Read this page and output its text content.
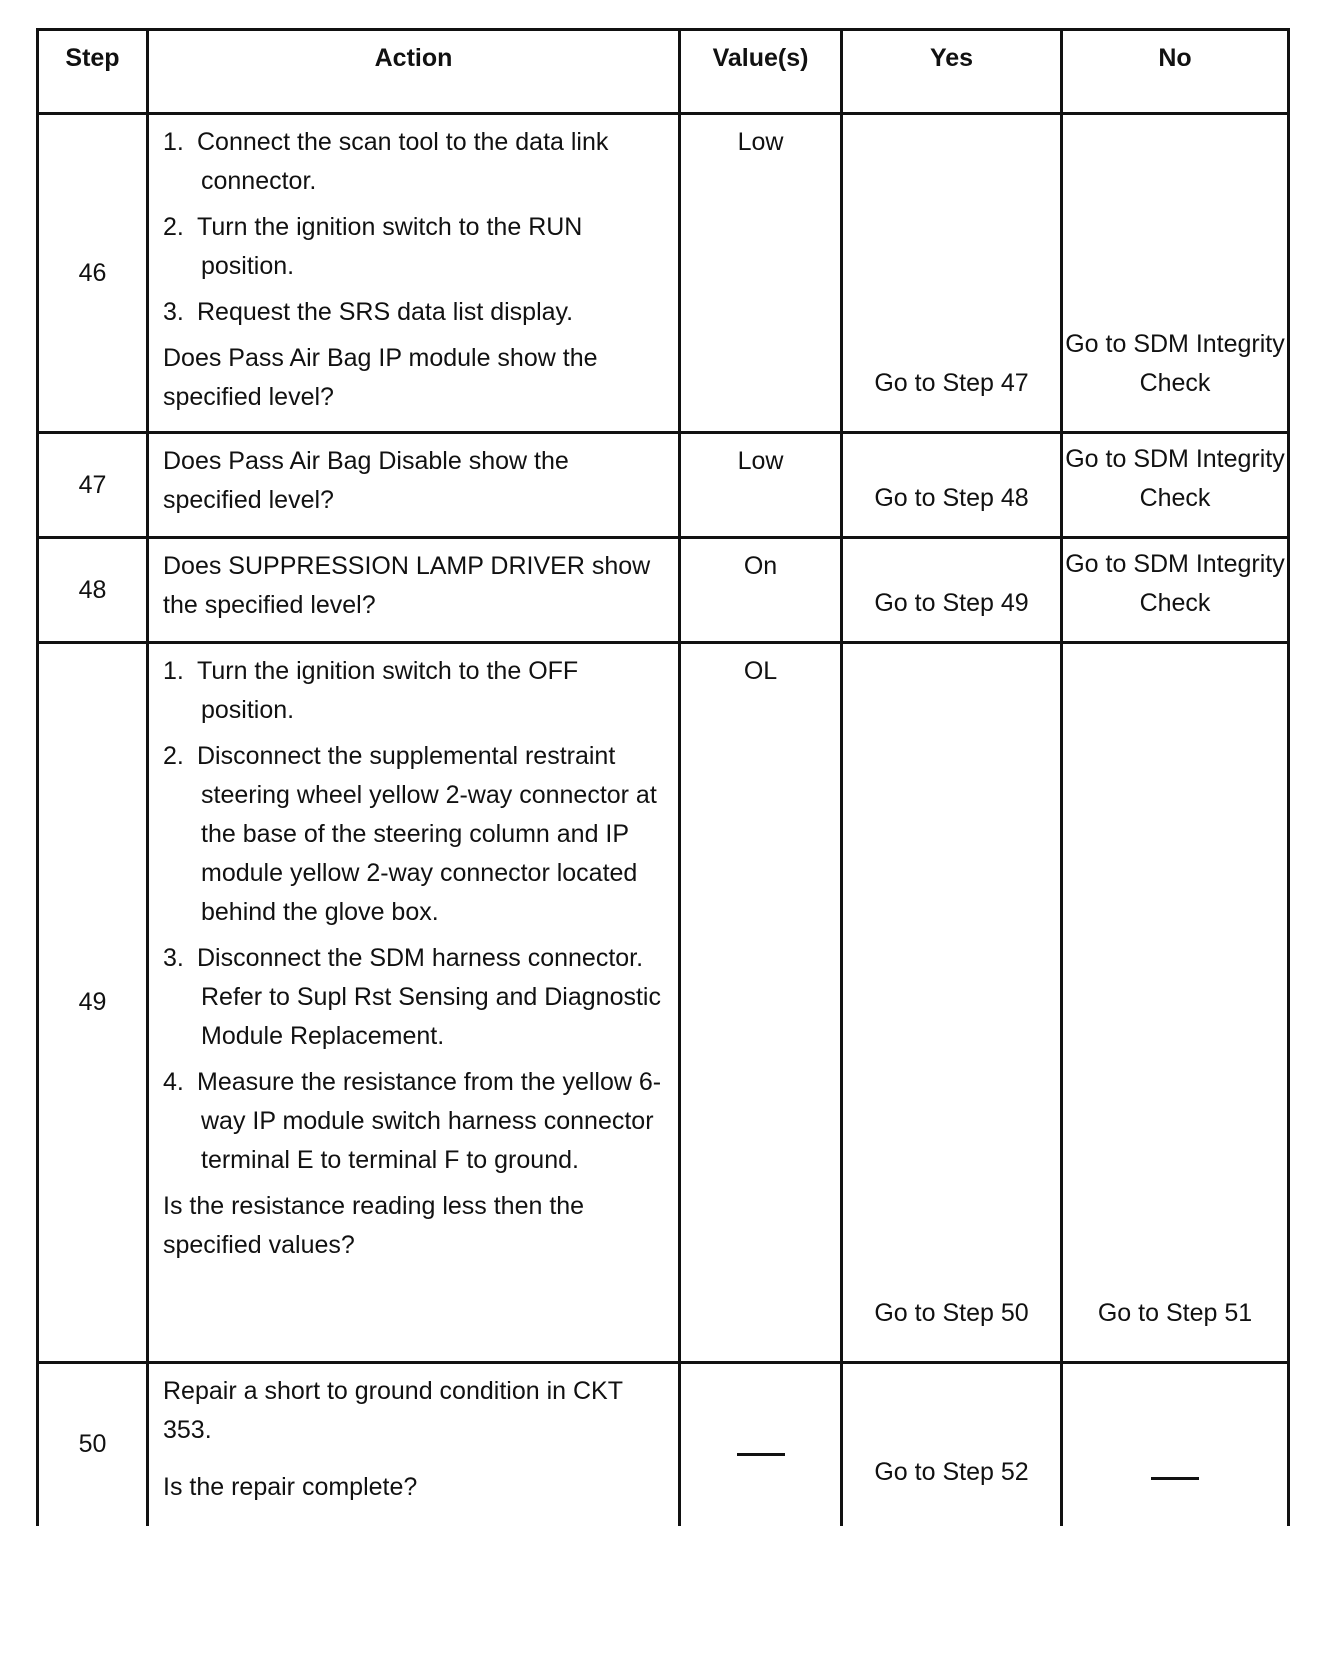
Step	Action	Value(s)	Yes	No
46	1. Connect the scan tool to the data link connector.

2. Turn the ignition switch to the RUN position.

3. Request the SRS data list display.

Does Pass Air Bag IP module show the specified level?	Low	Go to Step 47	Go to SDM Integrity Check
47	Does Pass Air Bag Disable show the specified level?	Low	Go to Step 48	Go to SDM Integrity Check
48	Does SUPPRESSION LAMP DRIVER show the specified level?	On	Go to Step 49	Go to SDM Integrity Check
49	1. Turn the ignition switch to the OFF position.

2. Disconnect the supplemental restraint steering wheel yellow 2-way connector at the base of the steering column and IP module yellow 2-way connector located behind the glove box.

3. Disconnect the SDM harness connector. Refer to Supl Rst Sensing and Diagnostic Module Replacement.

4. Measure the resistance from the yellow 6-way IP module switch harness connector terminal E to terminal F to ground.

Is the resistance reading less then the specified values?	OL	Go to Step 50	Go to Step 51
50	Repair a short to ground condition in CKT 353.

Is the repair complete?		Go to Step 52	
